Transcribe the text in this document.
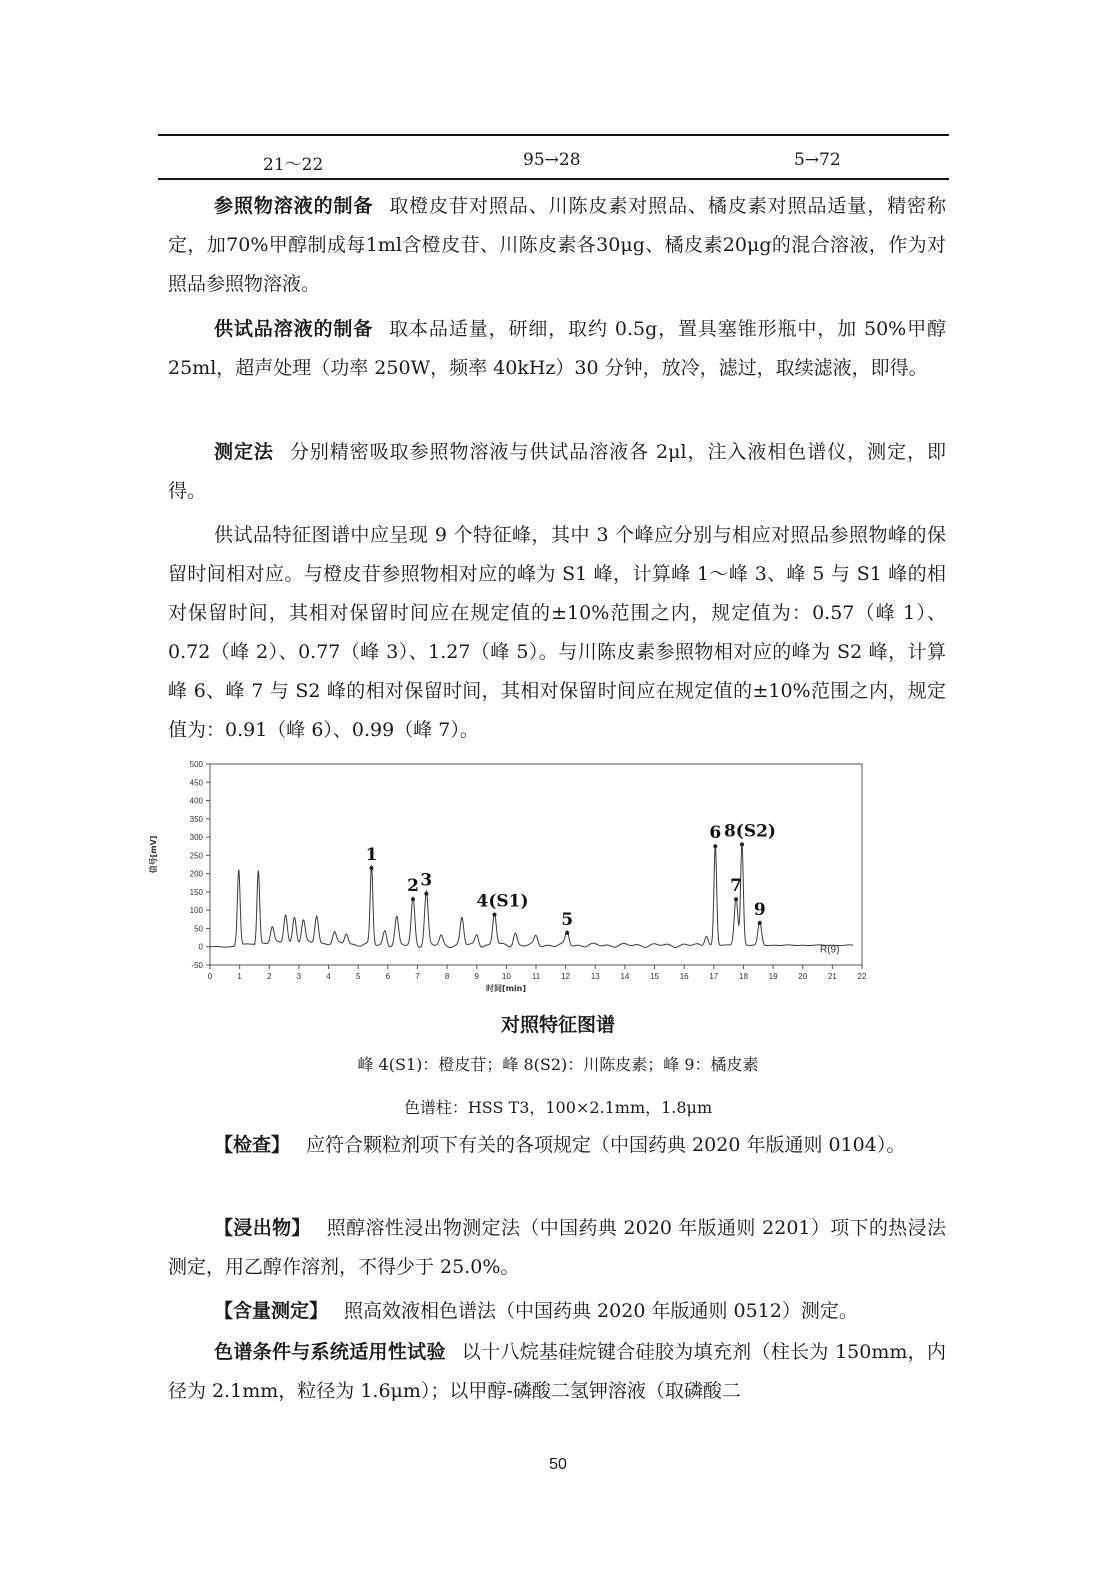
21～22	95→28	5→72

参照物溶液的制备 取橙皮苷对照品、川陈皮素对照品、橘皮素对照品适量，精密称定，加70%甲醇制成每1ml含橙皮苷、川陈皮素各30μg、橘皮素20μg的混合溶液，作为对照品参照物溶液。

供试品溶液的制备 取本品适量，研细，取约 0.5g，置具塞锥形瓶中，加 50%甲醇 25ml，超声处理（功率 250W，频率 40kHz）30 分钟，放冷，滤过，取续滤液，即得。

测定法 分别精密吸取参照物溶液与供试品溶液各 2μl，注入液相色谱仪，测定，即得。

供试品特征图谱中应呈现 9 个特征峰，其中 3 个峰应分别与相应对照品参照物峰的保留时间相对应。与橙皮苷参照物相对应的峰为 S1 峰，计算峰 1～峰 3、峰 5 与 S1 峰的相对保留时间，其相对保留时间应在规定值的±10%范围之内，规定值为：0.57（峰 1）、0.72（峰 2）、0.77（峰 3）、1.27（峰 5）。与川陈皮素参照物相对应的峰为 S2 峰，计算峰 6、峰 7 与 S2 峰的相对保留时间，其相对保留时间应在规定值的±10%范围之内，规定值为：0.91（峰 6）、0.99（峰 7）。

-50
0
50
100
150
200
250
300
350
400
450
500
0	1	2	3	4	5	6	7	8	9	10	11	12	13	14	15	16	17	18	19	20	21	22
时间[min]
信号[mV]	1
2 3
4(S1)
5
6
7
8(S2)
9
R(9)
对照特征图谱
峰 4(S1)：橙皮苷；峰 8(S2)：川陈皮素；峰 9：橘皮素
色谱柱：HSS T3，100×2.1mm，1.8μm

【检查】 应符合颗粒剂项下有关的各项规定（中国药典 2020 年版通则 0104）。

【浸出物】 照醇溶性浸出物测定法（中国药典 2020 年版通则 2201）项下的热浸法测定，用乙醇作溶剂，不得少于 25.0%。

【含量测定】 照高效液相色谱法（中国药典 2020 年版通则 0512）测定。

色谱条件与系统适用性试验 以十八烷基硅烷键合硅胶为填充剂（柱长为 150mm，内径为 2.1mm，粒径为 1.6μm）；以甲醇-磷酸二氢钾溶液（取磷酸二

50
